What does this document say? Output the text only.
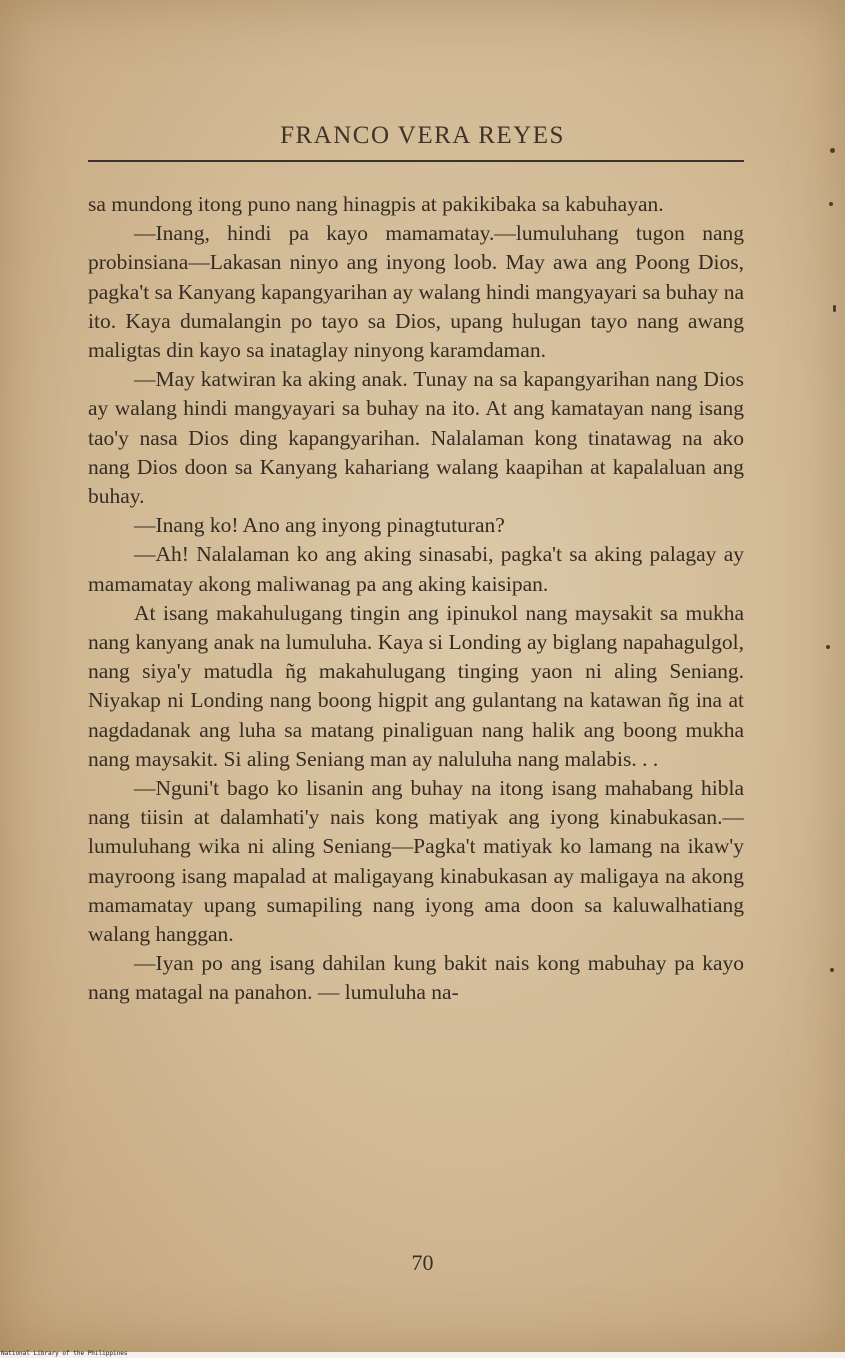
FRANCO VERA REYES

sa mundong itong puno nang hinagpis at pakikibaka sa kabuhayan.

—Inang, hindi pa kayo mamamatay.—lumuluhang tugon nang probinsiana—Lakasan ninyo ang inyong loob. May awa ang Poong Dios, pagka't sa Kanyang kapangyarihan ay walang hindi mangyayari sa buhay na ito. Kaya dumalangin po tayo sa Dios, upang hulugan tayo nang awang maligtas din kayo sa inataglay ninyong karamdaman.

—May katwiran ka aking anak. Tunay na sa kapangyarihan nang Dios ay walang hindi mangyayari sa buhay na ito. At ang kamatayan nang isang tao'y nasa Dios ding kapangyarihan. Nalalaman kong tinatawag na ako nang Dios doon sa Kanyang kahariang walang kaapihan at kapalaluan ang buhay.

—Inang ko! Ano ang inyong pinagtuturan?

—Ah! Nalalaman ko ang aking sinasabi, pagka't sa aking palagay ay mamamatay akong maliwanag pa ang aking kaisipan.

At isang makahulugang tingin ang ipinukol nang maysakit sa mukha nang kanyang anak na lumuluha. Kaya si Londing ay biglang napahagulgol, nang siya'y matudla ñg makahulugang tinging yaon ni aling Seniang. Niyakap ni Londing nang boong higpit ang gulantang na katawan ñg ina at nagdadanak ang luha sa matang pinaliguan nang halik ang boong mukha nang maysakit. Si aling Seniang man ay naluluha nang malabis. . .

—Nguni't bago ko lisanin ang buhay na itong isang mahabang hibla nang tiisin at dalamhati'y nais kong matiyak ang iyong kinabukasan.—lumuluhang wika ni aling Seniang—Pagka't matiyak ko lamang na ikaw'y mayroong isang mapalad at maligayang kinabukasan ay maligaya na akong mamamatay upang sumapiling nang iyong ama doon sa kaluwalhatiang walang hanggan.

—Iyan po ang isang dahilan kung bakit nais kong mabuhay pa kayo nang matagal na panahon. — lumuluha na-

70
National Library of the Philippines
